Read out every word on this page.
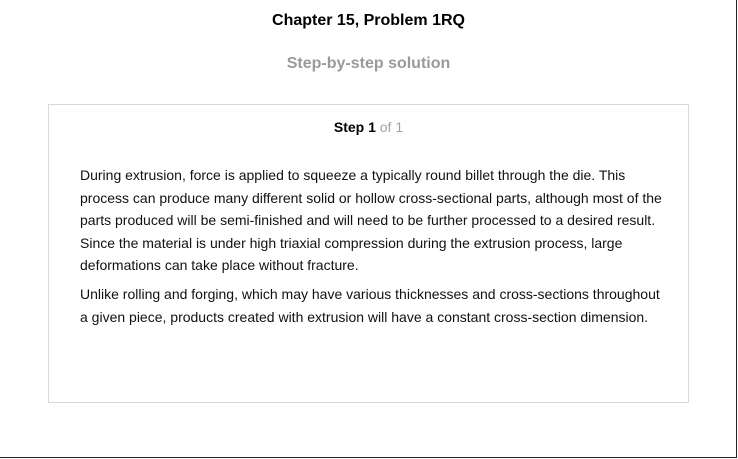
Chapter 15, Problem 1RQ
Step-by-step solution
Step 1 of 1

During extrusion, force is applied to squeeze a typically round billet through the die. This process can produce many different solid or hollow cross-sectional parts, although most of the parts produced will be semi-finished and will need to be further processed to a desired result. Since the material is under high triaxial compression during the extrusion process, large deformations can take place without fracture.

Unlike rolling and forging, which may have various thicknesses and cross-sections throughout a given piece, products created with extrusion will have a constant cross-section dimension.
